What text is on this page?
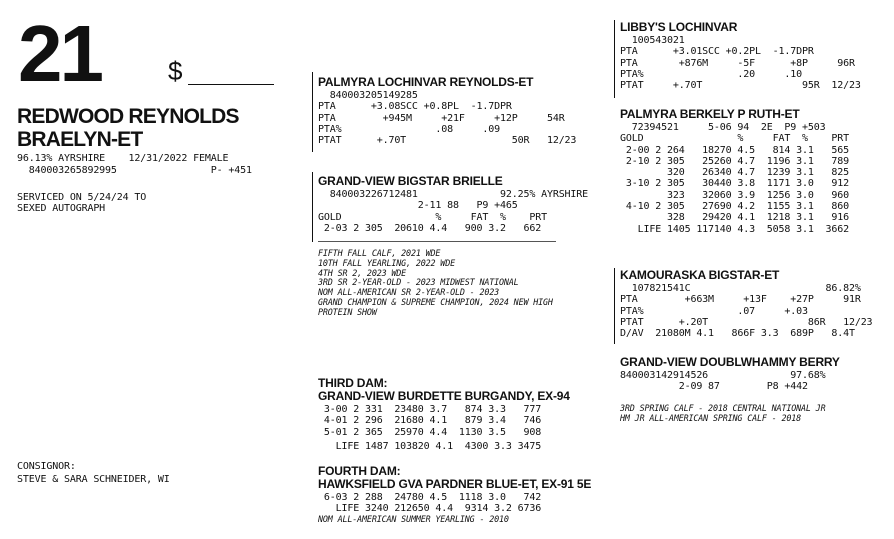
21	$
REDWOOD REYNOLDS
BRAELYN-ET
96.13% AYRSHIRE    12/31/2022 FEMALE
840003265892995                P- +451
SERVICED ON 5/24/24 TO
SEXED AUTOGRAPH
CONSIGNOR:
STEVE & SARA SCHNEIDER, WI
PALMYRA LOCHINVAR REYNOLDS-ET
840003205149285
PTA      +3.08SCC +0.8PL  -1.7DPR
PTA        +945M     +21F     +12P     54R
PTA%                .08     .09
PTAT      +.70T                  50R   12/23
GRAND-VIEW BIGSTAR BRIELLE
840003226712481              92.25% AYRSHIRE
2-11 88   P9 +465
GOLD                %     FAT  %    PRT
2-03 2 305  20610 4.4   900 3.2   662
FIFTH FALL CALF, 2021 WDE
10TH FALL YEARLING, 2022 WDE
4TH SR 2, 2023 WDE
3RD SR 2-YEAR-OLD - 2023 MIDWEST NATIONAL
NOM ALL-AMERICAN SR 2-YEAR-OLD - 2023
GRAND CHAMPION & SUPREME CHAMPION, 2024 NEW HIGH
PROTEIN SHOW
THIRD DAM:
GRAND-VIEW BURDETTE BURGANDY, EX-94
3-00 2 331  23480 3.7   874 3.3   777
4-01 2 296  21680 4.1   879 3.4   746
5-01 2 365  25970 4.4  1130 3.5   908
LIFE 1487 103820 4.1  4300 3.3 3475
FOURTH DAM:
HAWKSFIELD GVA PARDNER BLUE-ET, EX-91 5E
6-03 2 288  24780 4.5  1118 3.0   742
LIFE 3240 212650 4.4  9314 3.2 6736
NOM ALL-AMERICAN SUMMER YEARLING - 2010
LIBBY'S LOCHINVAR
100543021
PTA      +3.01SCC +0.2PL  -1.7DPR
PTA       +876M     -5F      +8P     96R
PTA%                .20     .10
PTAT     +.70T                 95R  12/23
PALMYRA BERKELY P RUTH-ET
72394521     5-06 94  2E  P9 +503
GOLD                %     FAT  %    PRT
2-00 2 264   18270 4.5   814 3.1   565
2-10 2 305   25260 4.7  1196 3.1   789
320   26340 4.7  1239 3.1   825
3-10 2 305   30440 3.8  1171 3.0   912
323   32060 3.9  1256 3.0   960
4-10 2 305   27690 4.2  1155 3.1   860
328   29420 4.1  1218 3.1   916
LIFE 1405 117140 4.3  5058 3.1  3662
KAMOURASKA BIGSTAR-ET
107821541C                       86.82%
PTA        +663M     +13F    +27P     91R
PTA%                .07     +.03
PTAT      +.20T                 86R   12/23
D/AV  21080M 4.1   866F 3.3  689P   8.4T
GRAND-VIEW DOUBLWHAMMY BERRY
840003142914526              97.68%
2-09 87        P8 +442
3RD SPRING CALF - 2018 CENTRAL NATIONAL JR
HM JR ALL-AMERICAN SPRING CALF - 2018
